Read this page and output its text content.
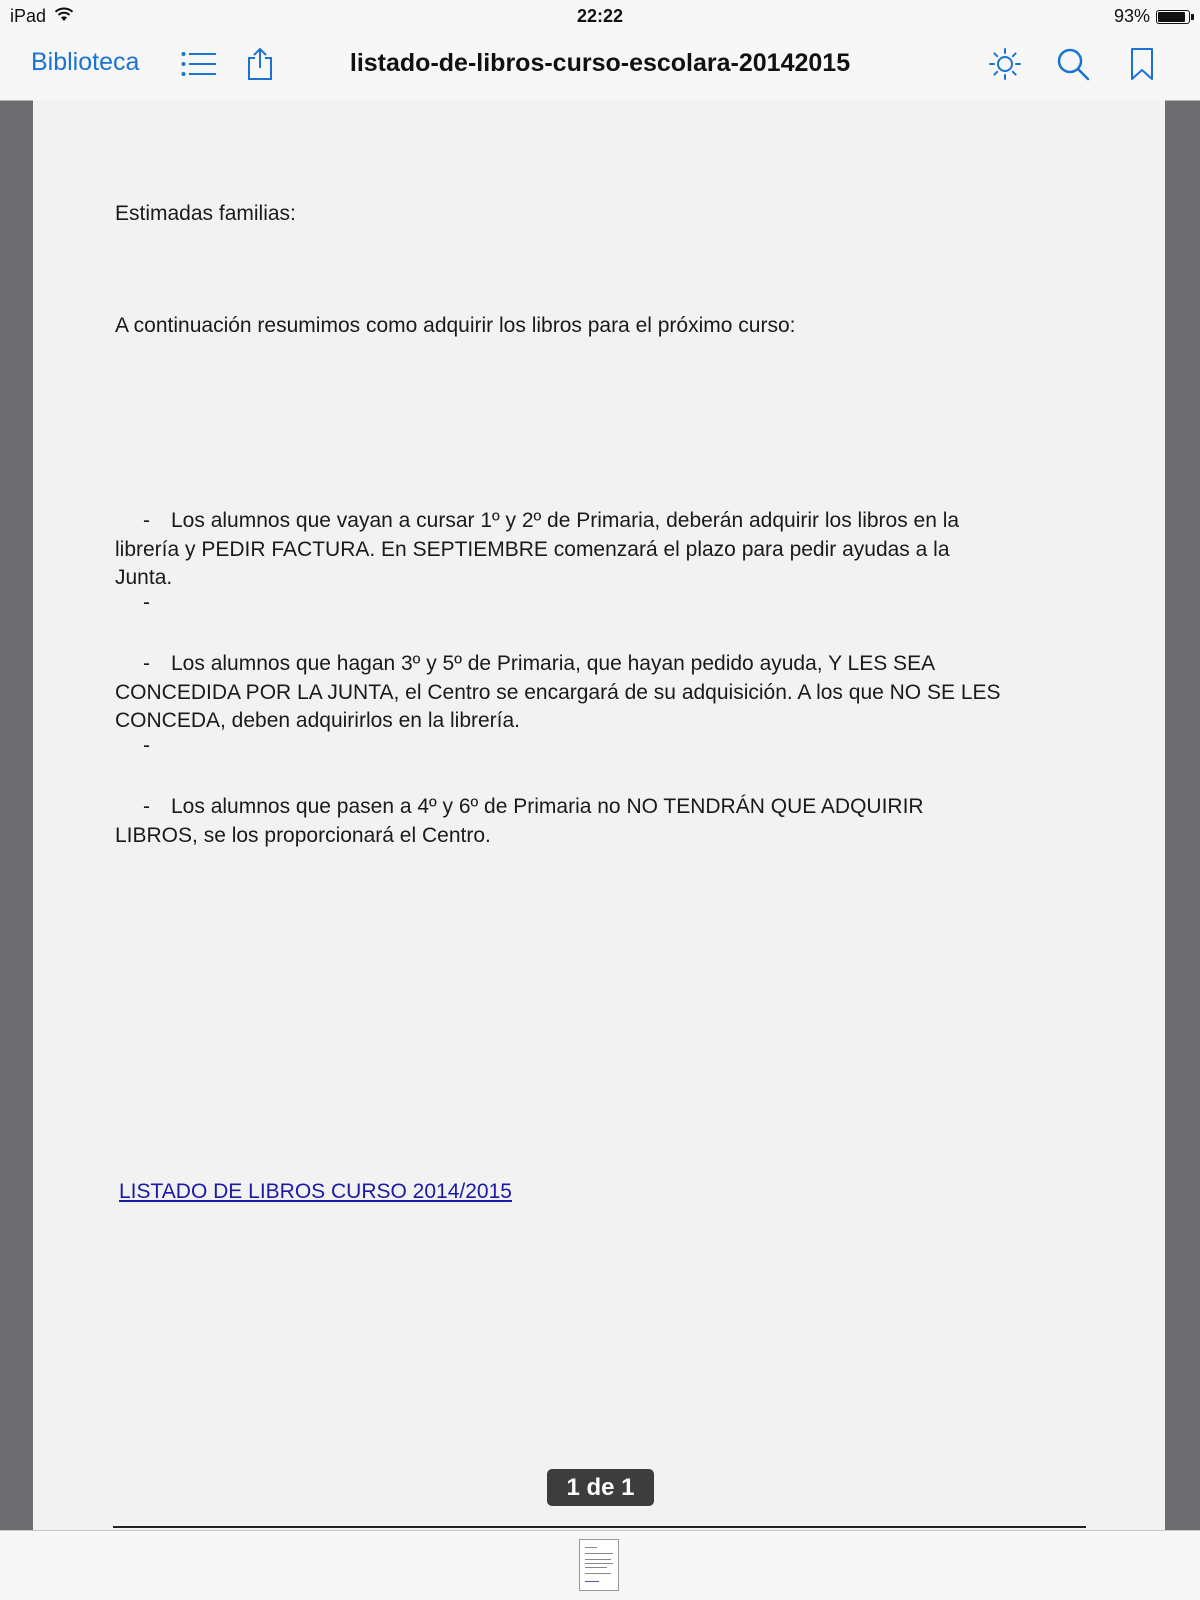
iPad	22:22	93%
Biblioteca	listado-de-libros-curso-escolara-20142015
Estimadas familias:
A continuación resumimos como adquirir los libros para el próximo curso:
- Los alumnos que vayan a cursar 1º y 2º de Primaria, deberán adquirir los libros en la
librería y PEDIR FACTURA. En SEPTIEMBRE comenzará el plazo para pedir ayudas a la
Junta.
-
- Los alumnos que hagan 3º y 5º de Primaria, que hayan pedido ayuda, Y LES SEA
CONCEDIDA POR LA JUNTA, el Centro se encargará de su adquisición. A los que NO SE LES
CONCEDA, deben adquirirlos en la librería.
-
- Los alumnos que pasen a 4º y 6º de Primaria no NO TENDRÁN QUE ADQUIRIR
LIBROS, se los proporcionará el Centro.
LISTADO DE LIBROS CURSO 2014/2015
1 de 1
